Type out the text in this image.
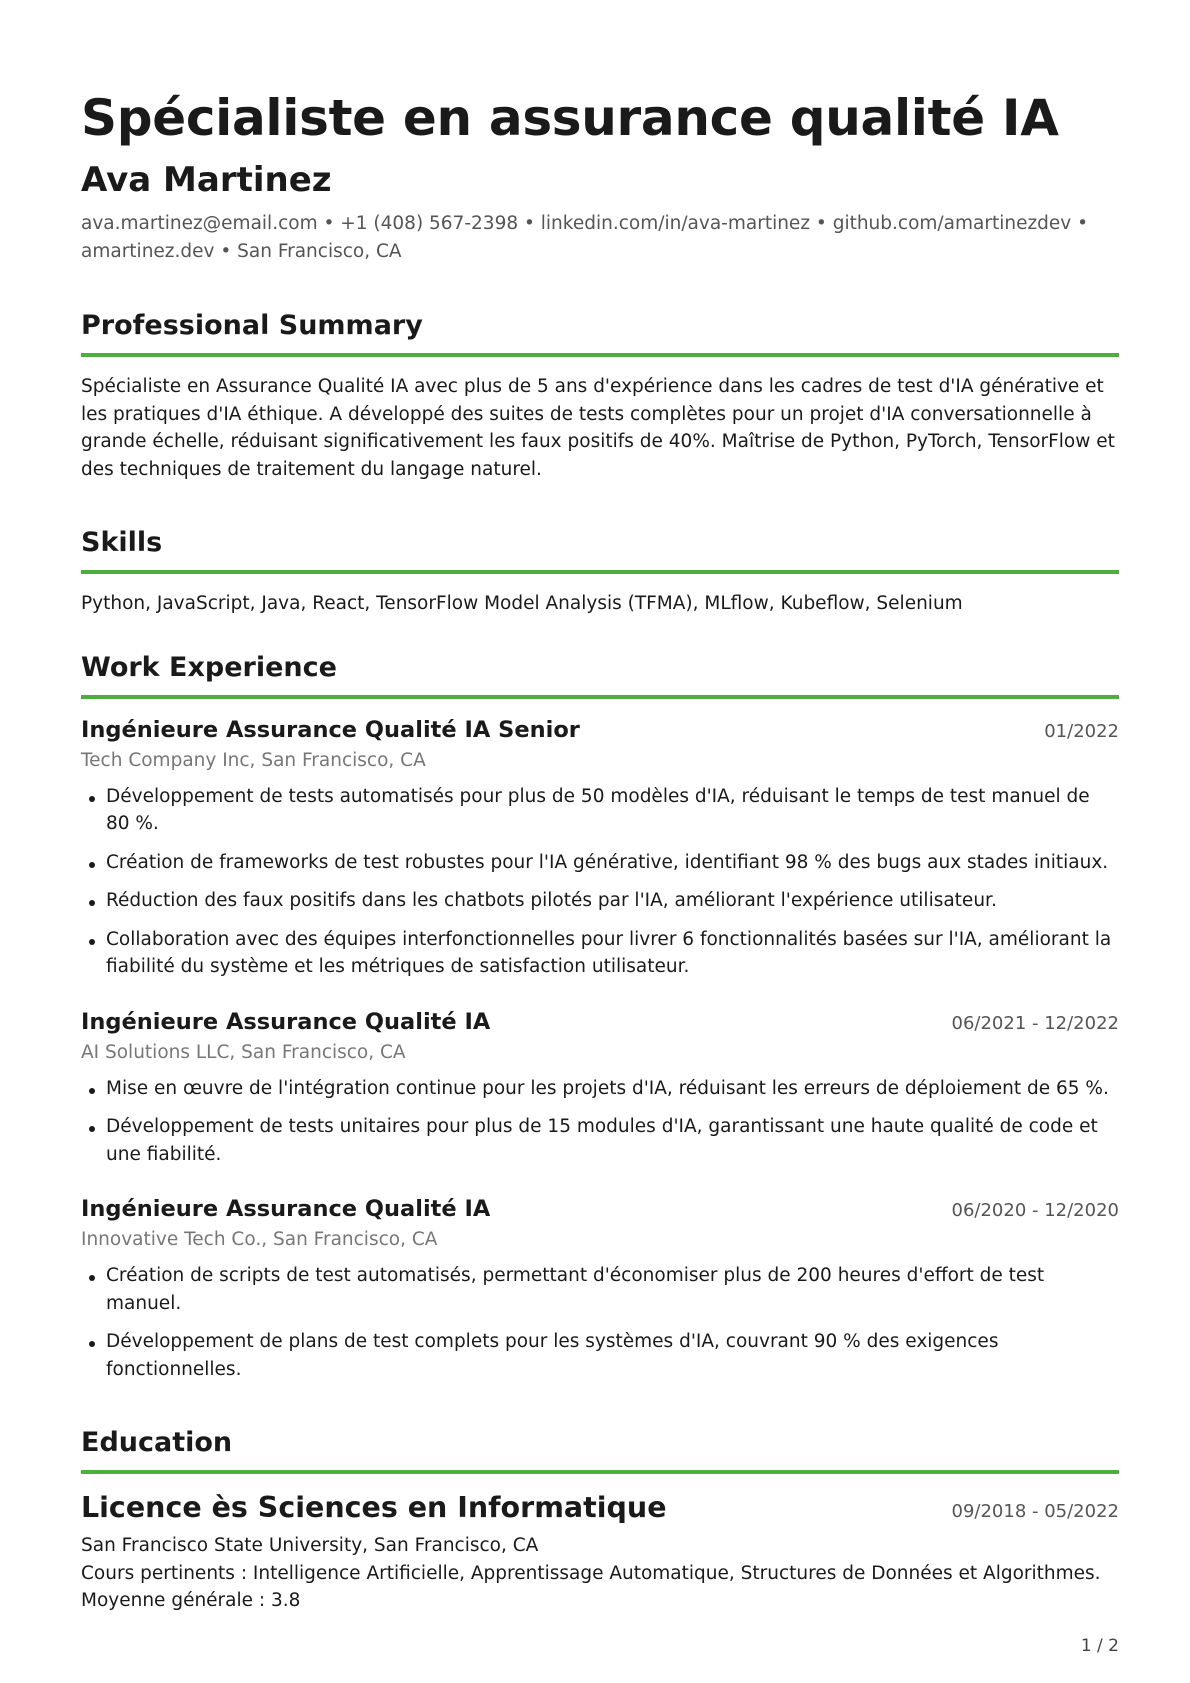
Spécialiste en assurance qualité IA
Ava Martinez
ava.martinez@email.com • +1 (408) 567-2398 • linkedin.com/in/ava-martinez • github.com/amartinezdev •
amartinez.dev • San Francisco, CA
Professional Summary

Spécialiste en Assurance Qualité IA avec plus de 5 ans d'expérience dans les cadres de test d'IA générative et les pratiques d'IA éthique. A développé des suites de tests complètes pour un projet d'IA conversationnelle à grande échelle, réduisant significativement les faux positifs de 40%. Maîtrise de Python, PyTorch, TensorFlow et des techniques de traitement du langage naturel.

Skills

Python, JavaScript, Java, React, TensorFlow Model Analysis (TFMA), MLflow, Kubeflow, Selenium

Work Experience
Ingénieure Assurance Qualité IA Senior	01/2022
Tech Company Inc, San Francisco, CA
Développement de tests automatisés pour plus de 50 modèles d'IA, réduisant le temps de test manuel de 80 %.
Création de frameworks de test robustes pour l'IA générative, identifiant 98 % des bugs aux stades initiaux.
Réduction des faux positifs dans les chatbots pilotés par l'IA, améliorant l'expérience utilisateur.
Collaboration avec des équipes interfonctionnelles pour livrer 6 fonctionnalités basées sur l'IA, améliorant la fiabilité du système et les métriques de satisfaction utilisateur.
Ingénieure Assurance Qualité IA	06/2021 - 12/2022
AI Solutions LLC, San Francisco, CA
Mise en œuvre de l'intégration continue pour les projets d'IA, réduisant les erreurs de déploiement de 65 %.
Développement de tests unitaires pour plus de 15 modules d'IA, garantissant une haute qualité de code et une fiabilité.
Ingénieure Assurance Qualité IA	06/2020 - 12/2020
Innovative Tech Co., San Francisco, CA
Création de scripts de test automatisés, permettant d'économiser plus de 200 heures d'effort de test manuel.
Développement de plans de test complets pour les systèmes d'IA, couvrant 90 % des exigences fonctionnelles.
Education
Licence ès Sciences en Informatique	09/2018 - 05/2022
San Francisco State University, San Francisco, CA
Cours pertinents : Intelligence Artificielle, Apprentissage Automatique, Structures de Données et Algorithmes.
Moyenne générale : 3.8
1 / 2
